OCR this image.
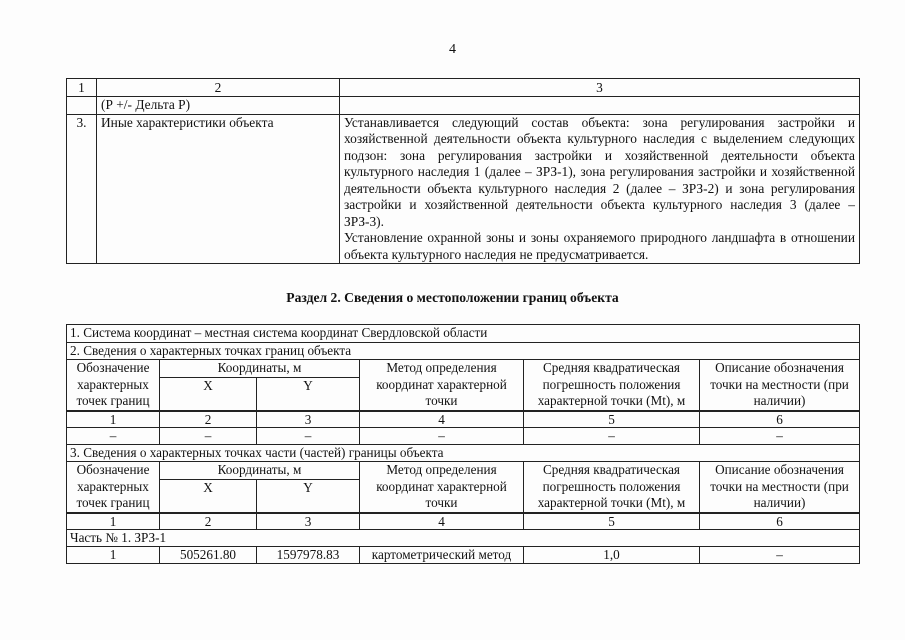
4
1	2	3
	(Р +/- Дельта Р)	
3.	Иные характеристики объекта	Устанавливается следующий состав объекта: зона регулирования застройки и хозяйственной деятельности объекта культурного наследия с выделением следующих подзон: зона регулирования застройки и хозяйственной деятельности объекта культурного наследия 1 (далее – ЗРЗ-1), зона регулирования застройки и хозяйственной деятельности объекта культурного наследия 2 (далее – ЗРЗ-2) и зона регулирования застройки и хозяйственной деятельности объекта культурного наследия 3 (далее – ЗРЗ-3).
Установление охранной зоны и зоны охраняемого природного ландшафта в отношении объекта культурного наследия не предусматривается.
Раздел 2. Сведения о местоположении границ объекта
1. Система координат – местная система координат Свердловской области					
2. Сведения о характерных точках границ объекта					
Обозначение характерных точек границ	Координаты, м		Метод определения координат характерной точки	Средняя квадратическая погрешность положения характерной точки (Mt), м	Описание обозначения точки на местности (при наличии)
	X	Y			
1	2	3	4	5	6
–	–	–	–	–	–
3. Сведения о характерных точках части (частей) границы объекта					
Обозначение характерных точек границ	Координаты, м		Метод определения координат характерной точки	Средняя квадратическая погрешность положения характерной точки (Mt), м	Описание обозначения точки на местности (при наличии)
	X	Y			
1	2	3	4	5	6
Часть № 1. ЗРЗ-1					
1	505261.80	1597978.83	картометрический метод	1,0	–
